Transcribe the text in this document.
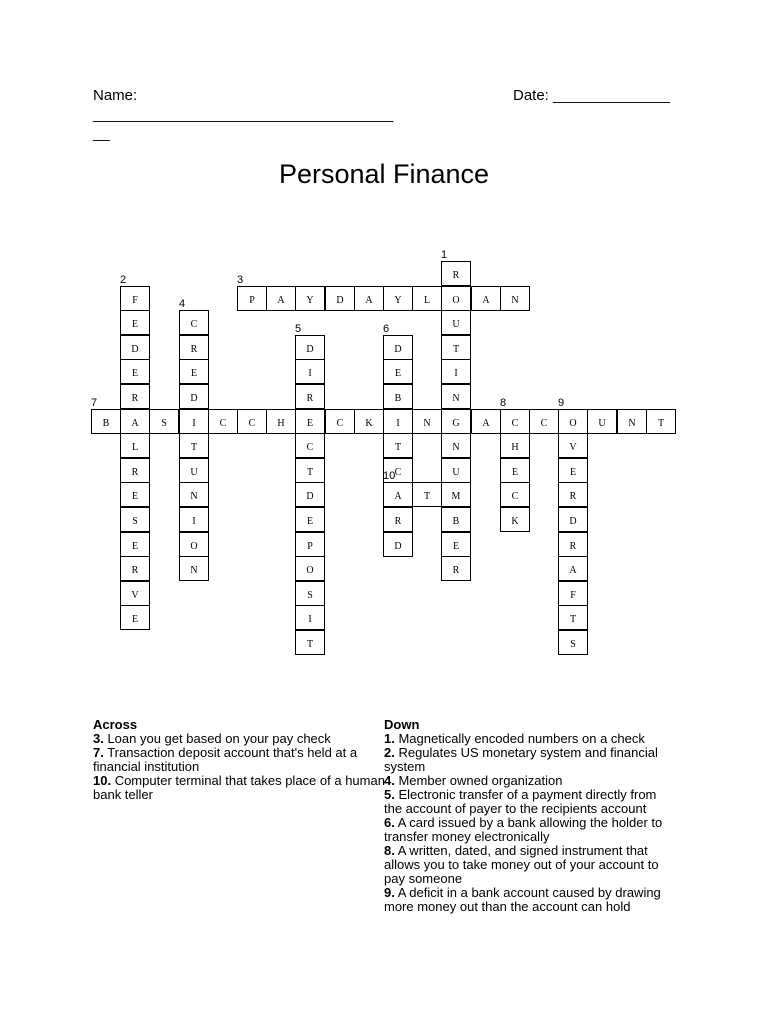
Name:
____________________________________
__
Date: ______________
Personal Finance
R
1
O
U
T
I
N
G
N
U
M
B
E
R
F
2
E
D
E
R
A
L
R
E
S
E
R
V
E
P
3
A Y D A Y L	A N
C
4
R
E
D
I
T
U
N
I
O
N
D
5
I
R
E
C
T
D
E
P
O
S
I
T
D
6
E
B
I
T
C
A
10
R
D
B
7
S	C C H	C K	N	A C
8
C O
9
U N T
H
E
C
K
V
E
R
D
R
A
F
T
S
T
Across
3. Loan you get based on your pay check
7. Transaction deposit account that's held at a financial institution
10. Computer terminal that takes place of a human bank teller
Down
1. Magnetically encoded numbers on a check
2. Regulates US monetary system and financial system
4. Member owned organization
5. Electronic transfer of a payment directly from the account of payer to the recipients account
6. A card issued by a bank allowing the holder to transfer money electronically
8. A written, dated, and signed instrument that allows you to take money out of your account to pay someone
9. A deficit in a bank account caused by drawing more money out than the account can hold
